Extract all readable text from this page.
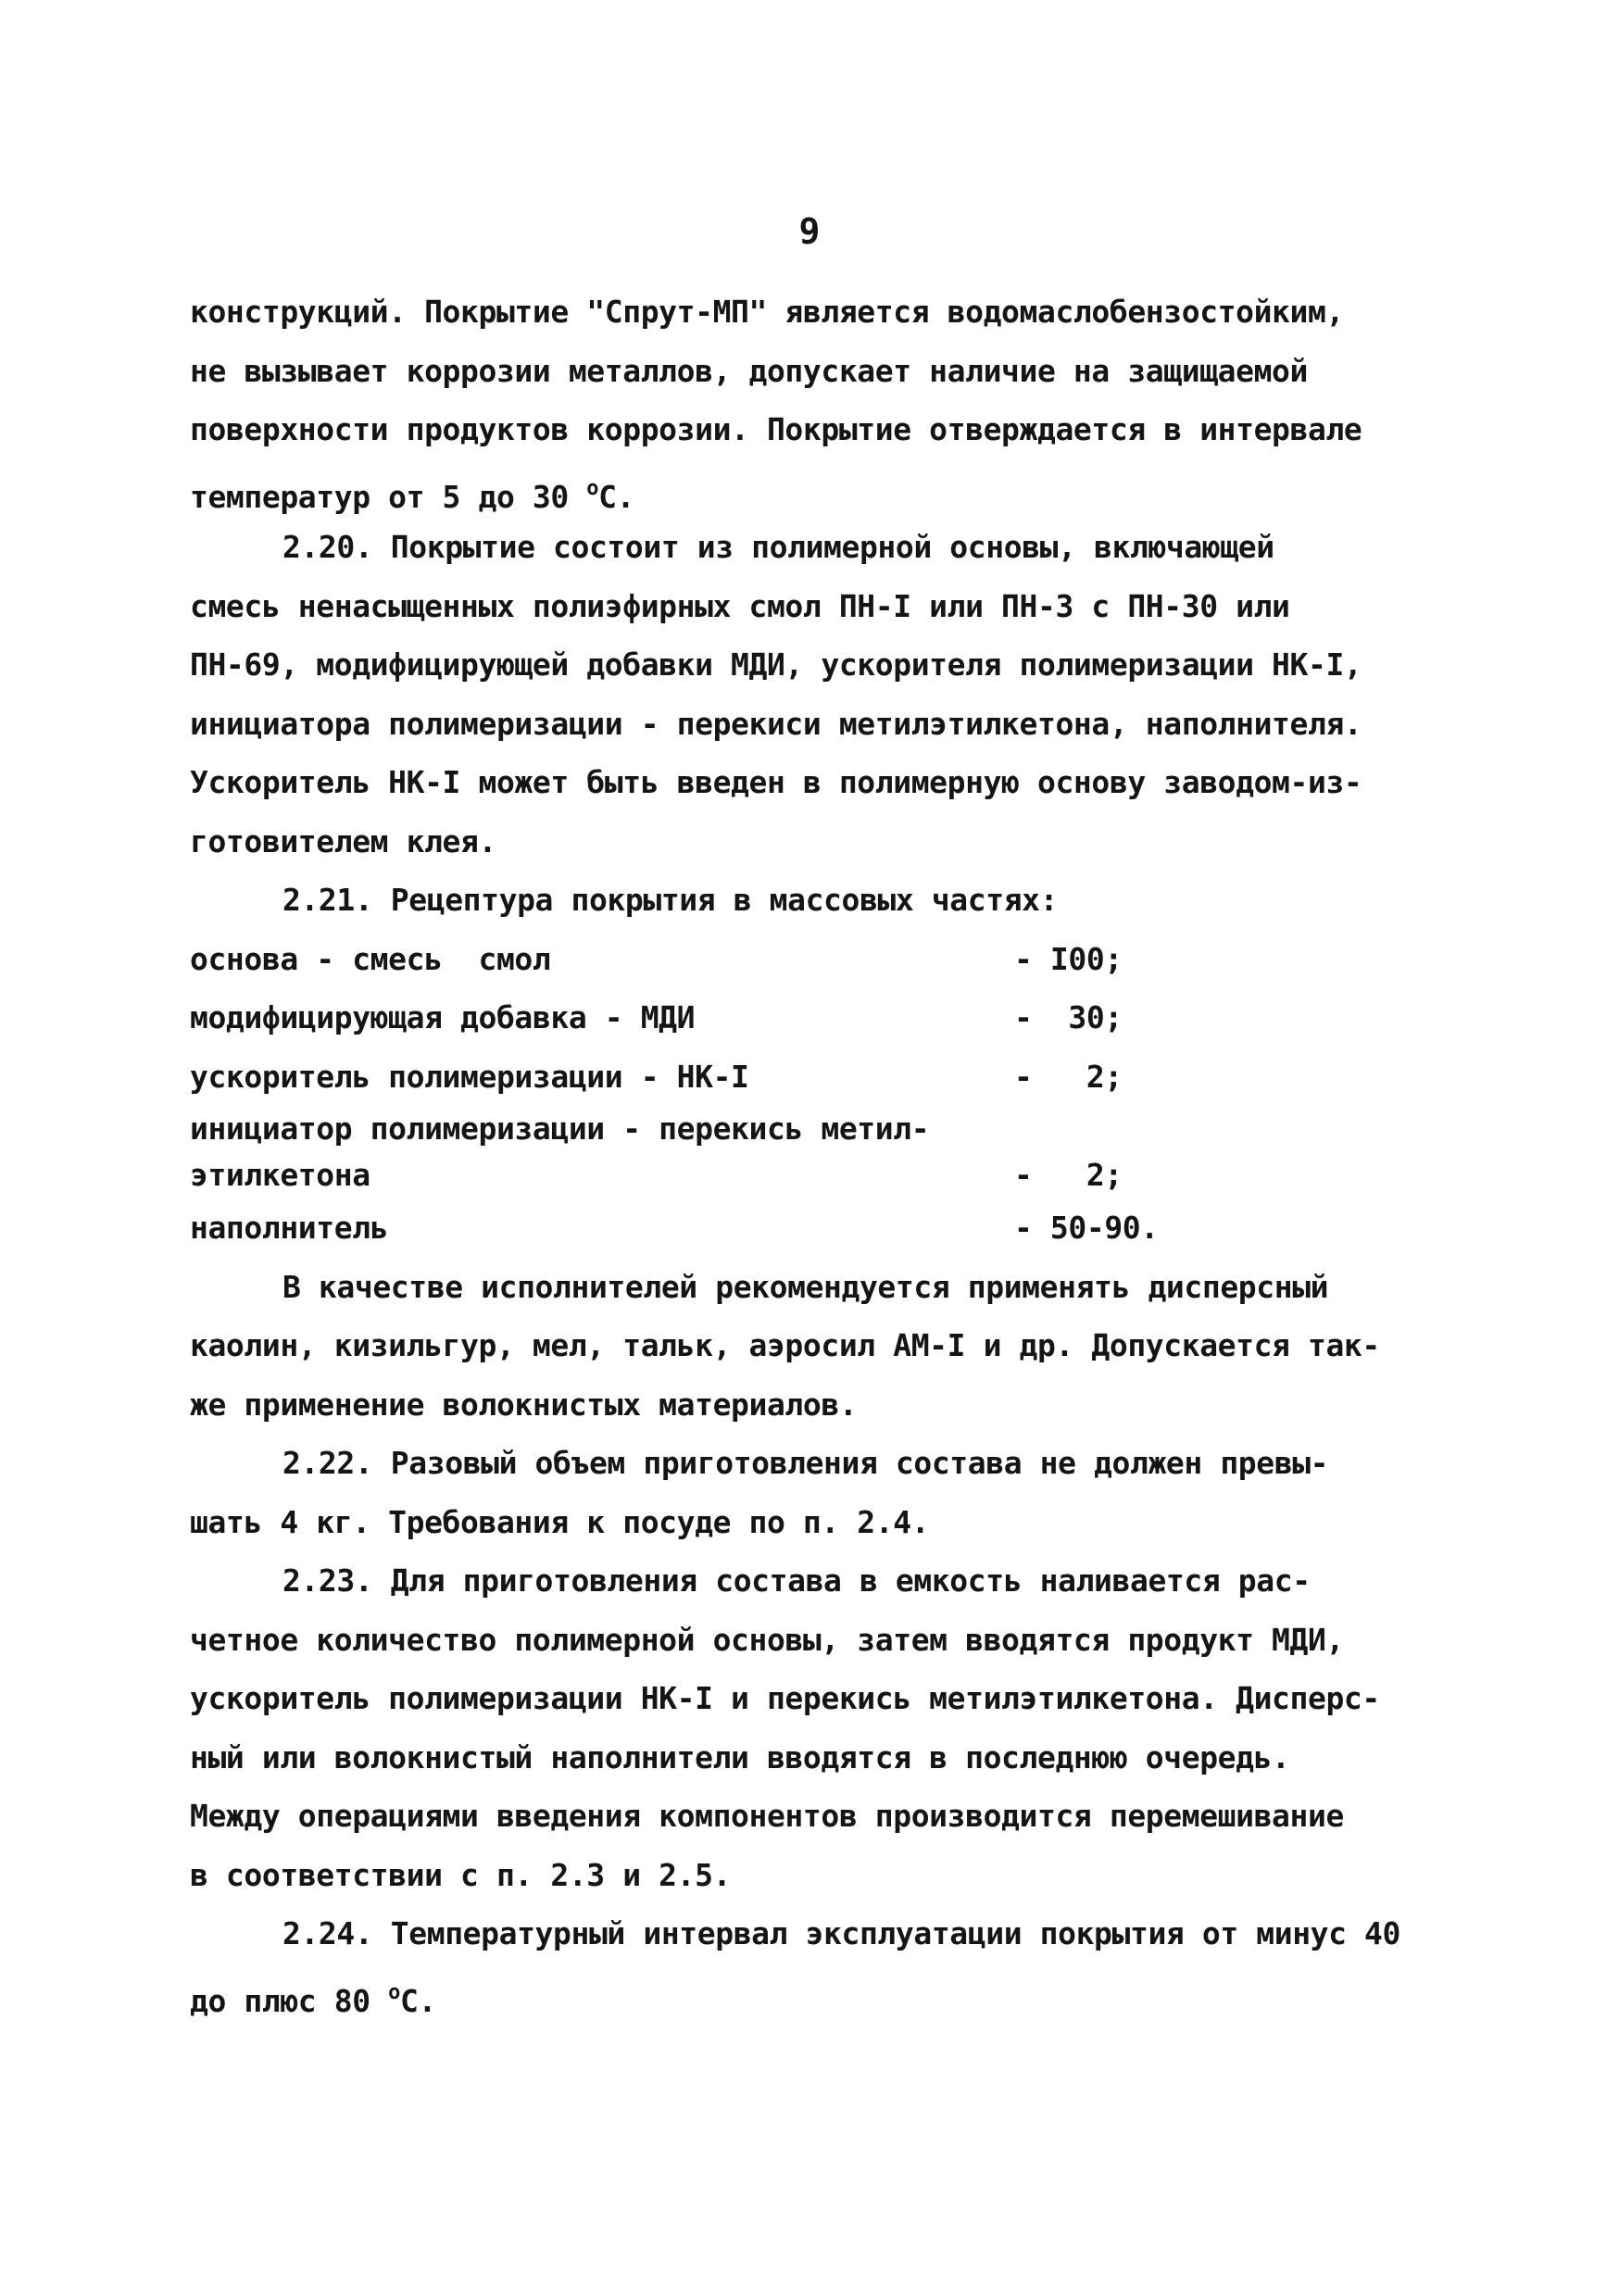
9
конструкций. Покрытие "Спрут-МП" является водомаслобензостойким,
не вызывает коррозии металлов, допускает наличие на защищаемой
поверхности продуктов коррозии. Покрытие отверждается в интервале
температур от 5 до 30 $^о$С.
2.20. Покрытие состоит из полимерной основы, включающей
смесь ненасыщенных полиэфирных смол ПН-I или ПН-3 с ПН-30 или
ПН-69, модифицирующей добавки МДИ, ускорителя полимеризации НК-I,
инициатора полимеризации - перекиси метилэтилкетона, наполнителя.
Ускоритель НК-I может быть введен в полимерную основу заводом-из-
готовителем клея.
2.21. Рецептура покрытия в массовых частях:
основа - смесь  смол	- I00;
модифицирующая добавка - МДИ	-  30;
ускоритель полимеризации - НК-I	-   2;
инициатор полимеризации - перекись метил-
этилкетона	-   2;
наполнитель	- 50-90.
В качестве исполнителей рекомендуется применять дисперсный
каолин, кизильгур, мел, тальк, аэросил АМ-I и др. Допускается так-
же применение волокнистых материалов.
2.22. Разовый объем приготовления состава не должен превы-
шать 4 кг. Требования к посуде по п. 2.4.
2.23. Для приготовления состава в емкость наливается рас-
четное количество полимерной основы, затем вводятся продукт МДИ,
ускоритель полимеризации НК-I и перекись метилэтилкетона. Дисперс-
ный или волокнистый наполнители вводятся в последнюю очередь.
Между операциями введения компонентов производится перемешивание
в соответствии с п. 2.3 и 2.5.
2.24. Температурный интервал эксплуатации покрытия от минус 40
до плюс 80 $^о$С.
